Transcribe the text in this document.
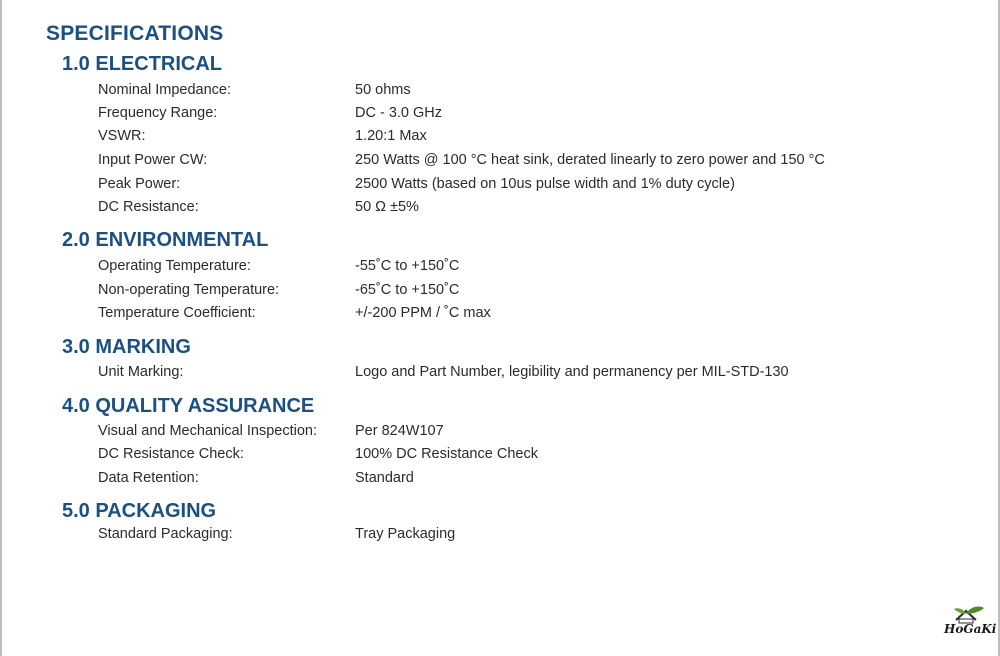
SPECIFICATIONS
1.0 ELECTRICAL
Nominal Impedance:	50 ohms
Frequency Range:	DC - 3.0 GHz
VSWR:	1.20:1 Max
Input Power CW:	250 Watts @ 100 °C heat sink, derated linearly to zero power and 150 °C
Peak Power:	2500 Watts (based on 10us pulse width and 1% duty cycle)
DC Resistance:	50 Ω ±5%
2.0 ENVIRONMENTAL
Operating Temperature:	-55˚C to +150˚C
Non-operating Temperature:	-65˚C to +150˚C
Temperature Coefficient:	+/-200 PPM / ˚C max
3.0 MARKING
Unit Marking:	Logo and Part Number, legibility and permanency per MIL-STD-130
4.0 QUALITY ASSURANCE
Visual and Mechanical Inspection:	Per 824W107
DC Resistance Check:	100% DC Resistance Check
Data Retention:	Standard
5.0 PACKAGING
Standard Packaging:	Tray Packaging
HoGaKi
